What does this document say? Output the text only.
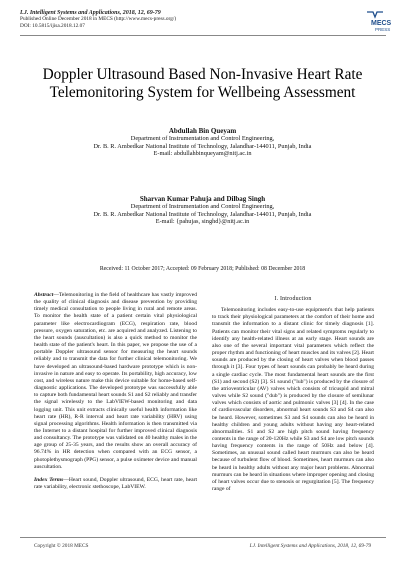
I.J. Intelligent Systems and Applications, 2018, 12, 69-79
Published Online December 2018 in MECS (http://www.mecs-press.org/)
DOI: 10.5815/ijisa.2018.12.07	MECS
PRESS
Doppler Ultrasound Based Non-Invasive Heart Rate Telemonitoring System for Wellbeing Assessment
Abdullah Bin Queyam
Department of Instrumentation and Control Engineering,
Dr. B. R. Ambedkar National Institute of Technology, Jalandhar-144011, Punjab, India
E-mail: abdullahbinqueyam@nitj.ac.in
Sharvan Kumar Pahuja and Dilbag Singh
Department of Instrumentation and Control Engineering,
Dr. B. R. Ambedkar National Institute of Technology, Jalandhar-144011, Punjab, India
E-mail: {pahujas, singhd}@nitj.ac.in
Received: 11 October 2017; Accepted: 09 February 2018; Published: 08 December 2018

Abstract—Telemonitoring in the field of healthcare has vastly improved the quality of clinical diagnosis and disease prevention by providing timely medical consultation to people living in rural and remote areas. To monitor the health state of a patient certain vital physiological parameter like electrocardiogram (ECG), respiration rate, blood pressure, oxygen saturation, etc. are acquired and analyzed. Listening to the heart sounds (auscultation) is also a quick method to monitor the health state of the patient's heart. In this paper, we propose the use of a portable Doppler ultrasound sensor for measuring the heart sounds reliably and to transmit the data for further clinical telemonitoring. We have developed an ultrasound-based hardware prototype which is non-invasive in nature and easy to operate. Its portability, high accuracy, low cost, and wireless nature make this device suitable for home-based self-diagnostic applications. The developed prototype was successfully able to capture both fundamental heart sounds S1 and S2 reliably and transfer the signal wirelessly to the LabVIEW-based monitoring and data logging unit. This unit extracts clinically useful health information like heart rate (HR), R-R interval and heart rate variability (HRV) using signal processing algorithms. Health information is then transmitted via the Internet to a distant hospital for further improved clinical diagnosis and consultancy. The prototype was validated on 40 healthy males in the age group of 25-35 years, and the results show an overall accuracy of 96.74% in HR detection when compared with an ECG sensor, a photoplethysmograph (PPG) sensor, a pulse oximeter device and manual auscultation.

Index Terms—Heart sound, Doppler ultrasound, ECG, heart rate, heart rate variability, electronic stethoscope, LabVIEW.

I. Introduction

Telemonitoring includes easy-to-use equipment's that help patients to track their physiological parameters at the comfort of their home and transmit the information to a distant clinic for timely diagnosis [1]. Patients can monitor their vital signs and related symptoms regularly to identify any health-related illness at an early stage. Heart sounds are also one of the several important vital parameters which reflect the proper rhythm and functioning of heart muscles and its valves [2]. Heart sounds are produced by the closing of heart valves when blood passes through it [3]. Four types of heart sounds can probably be heard during a single cardiac cycle. The most fundamental heart sounds are the first (S1) and second (S2) [3]. S1 sound ("lub") is produced by the closure of the atrioventricular (AV) valves which consists of tricuspid and mitral valves while S2 sound ("dub") is produced by the closure of semilunar valves which consists of aortic and pulmonic valves [3] [4]. In the case of cardiovascular disorders, abnormal heart sounds S3 and S4 can also be heard. However, sometimes S3 and S4 sounds can also be heard in healthy children and young adults without having any heart-related abnormalities. S1 and S2 are high pitch sound having frequency contents in the range of 20-120Hz while S3 and S4 are low pitch sounds having frequency contents in the range of 50Hz and below [4]. Sometimes, an unusual sound called heart murmurs can also be heard because of turbulent flow of blood. Sometimes, heart murmurs can also be heard in healthy adults without any major heart problems. Abnormal murmurs can be heard in situations where improper opening and closing of heart valves occur due to stenosis or regurgitation [5]. The frequency range of

Copyright © 2018 MECS	I.J. Intelligent Systems and Applications, 2018, 12, 69-79
